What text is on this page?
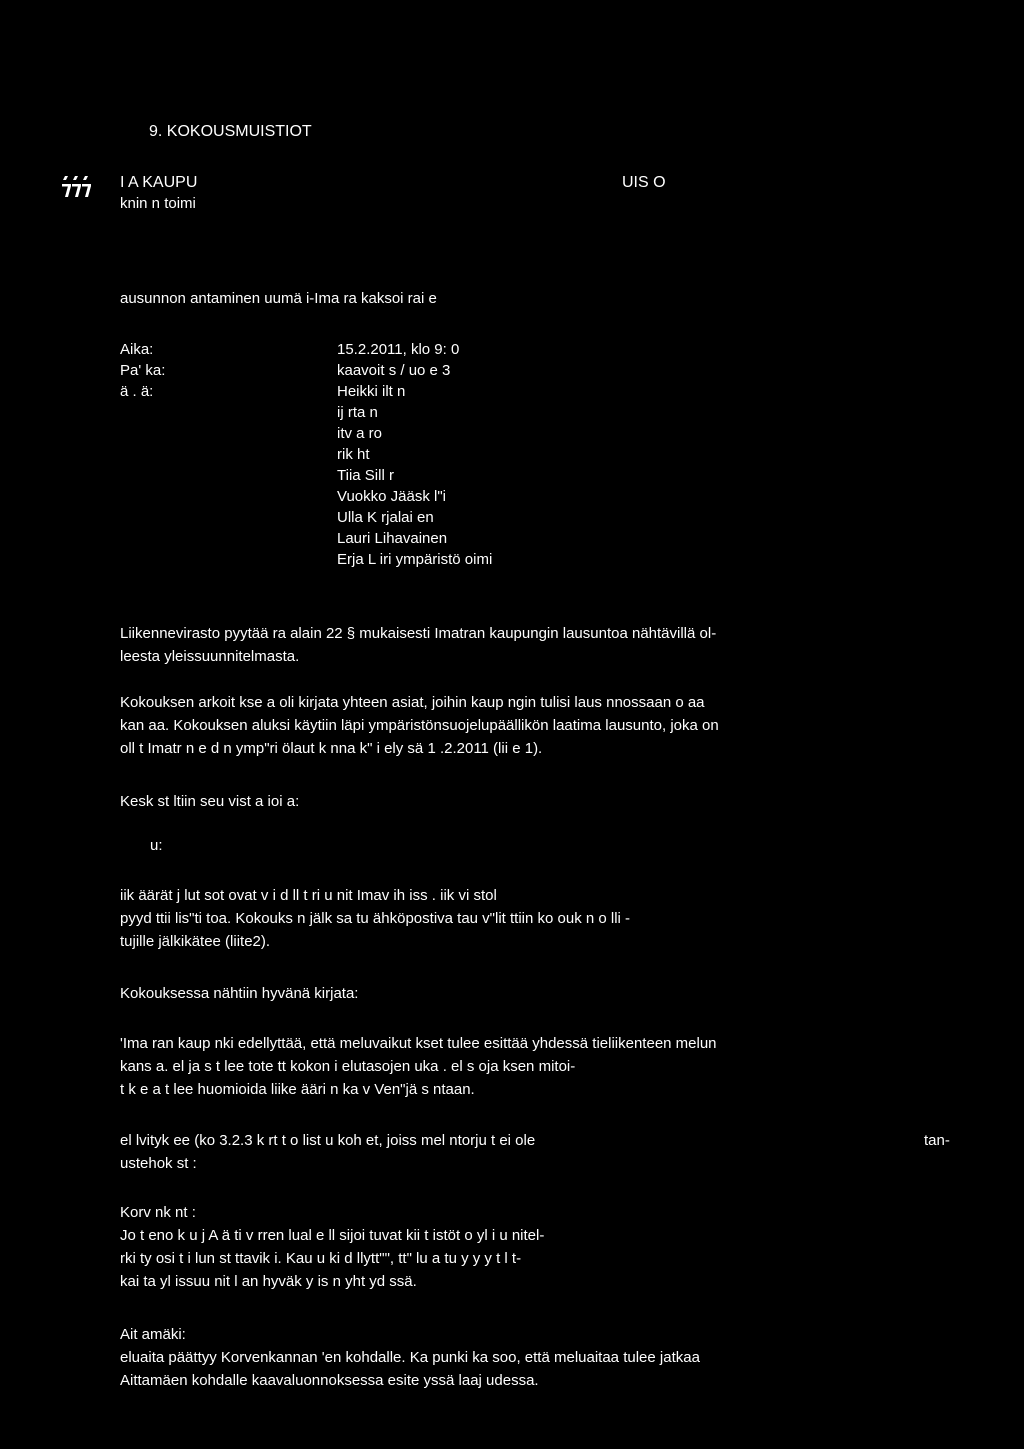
9. KOKOUSMUISTIOT
I A KAUPU	UIS O
knin n toimi
ausunnon antaminen uumä i-Ima ra kaksoi rai e
Aika:	15.2.2011, klo 9: 0
Pa' ka:	kaavoit s / uo e 3
ä . ä:	Heikki ilt n
ij rta n
itv a ro
rik ht
Tiia Sill r
Vuokko Jääsk l"i
Ulla K rjalai en
Lauri Lihavainen
Erja L iri ympäristö oimi
Liikennevirasto pyytää ra alain 22 § mukaisesti Imatran kaupungin lausuntoa nähtävillä ol-
leesta yleissuunnitelmasta.
Kokouksen arkoit kse a oli kirjata yhteen asiat, joihin kaup ngin tulisi laus nnossaan o aa
kan aa. Kokouksen aluksi käytiin läpi ympäristönsuojelupäällikön laatima lausunto, joka on
oll t Imatr n e d n ymp"ri ölaut k nna k" i ely sä 1 .2.2011 (lii e 1).
Kesk st ltiin seu vist a ioi a:
u:
iik äärät j lut sot ovat v i d ll t ri u nit Imav ih iss . iik vi stol
pyyd ttii lis"ti toa. Kokouks n jälk sa tu ähköpostiva tau v"lit ttiin ko ouk n o lli -
tujille jälkikätee (liite2).
Kokouksessa nähtiin hyvänä kirjata:
'Ima ran kaup nki edellyttää, että meluvaikut kset tulee esittää yhdessä tieliikenteen melun
kans a. el ja s t lee tote tt kokon i elutasojen uka . el s oja ksen mitoi-
t k e a t lee huomioida liike ääri n ka v Ven"jä s ntaan.
el lvityk ee (ko 3.2.3 k rt t o list u koh et, joiss mel ntorju t ei ole	tan-
ustehok st :
Korv nk nt :
Jo t eno k u j A ä ti v rren lual e ll sijoi tuvat kii t istöt o yl i u nitel-
rki ty osi t i lun st ttavik i. Kau u ki d llytt"", tt" lu a tu y y y t l t-
kai ta yl issuu nit l an hyväk y is n yht yd ssä.
Ait amäki:
eluaita päättyy Korvenkannan 'en kohdalle. Ka punki ka soo, että meluaitaa tulee jatkaa
Aittamäen kohdalle kaavaluonnoksessa esite yssä laaj udessa.
